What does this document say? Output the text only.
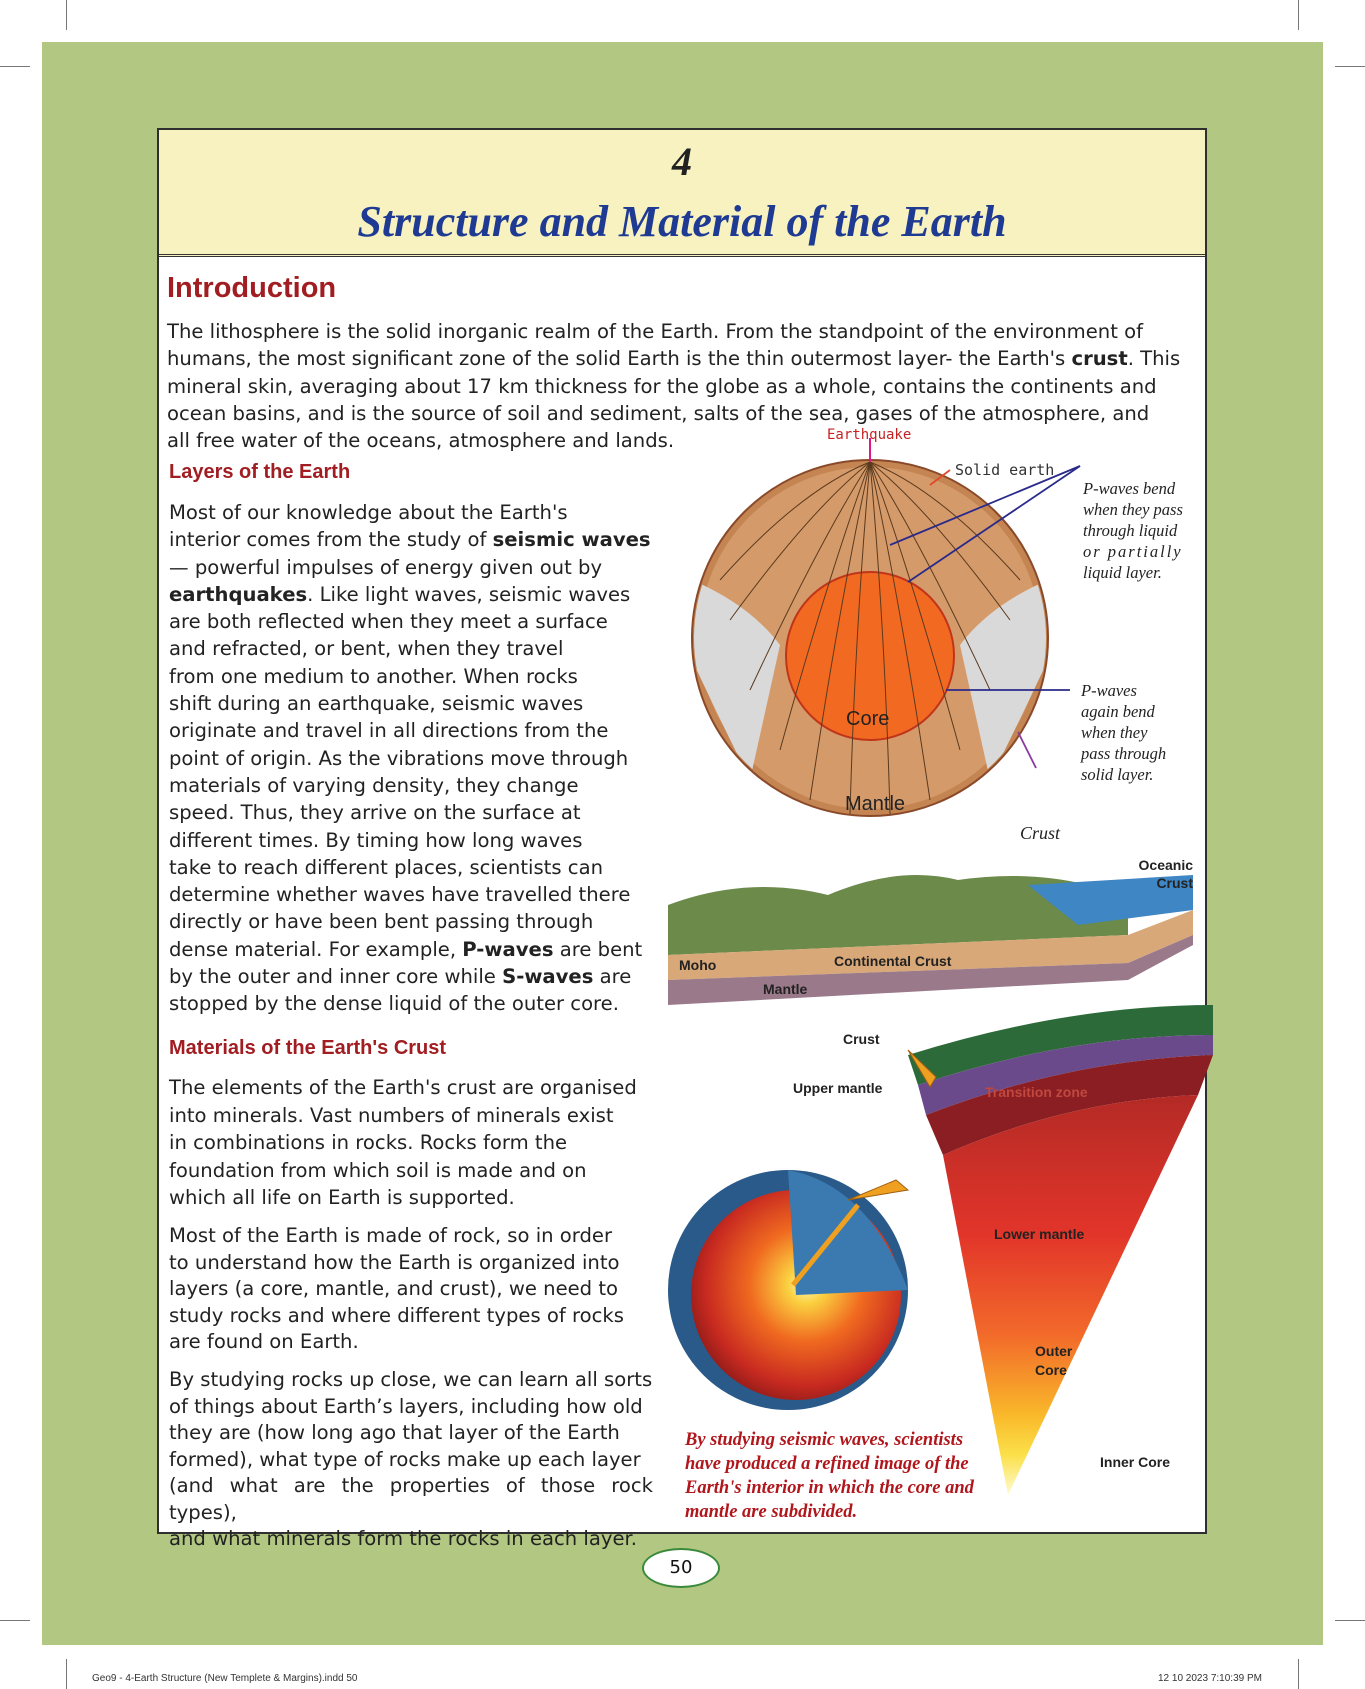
4
Structure and Material of the Earth
Introduction
The lithosphere is the solid inorganic realm of the Earth. From the standpoint of the environment of
humans, the most significant zone of the solid Earth is the thin outermost layer- the Earth's crust. This
mineral skin, averaging about 17 km thickness for the globe as a whole, contains the continents and
ocean basins, and is the source of soil and sediment, salts of the sea, gases of the atmosphere, and
all free water of the oceans, atmosphere and lands.
Layers of the Earth
Most of our knowledge about the Earth's
interior comes from the study of seismic waves
— powerful impulses of energy given out by
earthquakes. Like light waves, seismic waves
are both reflected when they meet a surface
and refracted, or bent, when they travel
from one medium to another. When rocks
shift during an earthquake, seismic waves
originate and travel in all directions from the
point of origin. As the vibrations move through
materials of varying density, they change
speed. Thus, they arrive on the surface at
different times. By timing how long waves
take to reach different places, scientists can
determine whether waves have travelled there
directly or have been bent passing through
dense material. For example, P-waves are bent
by the outer and inner core while S-waves are
stopped by the dense liquid of the outer core.
Materials of the Earth's Crust
The elements of the Earth's crust are organised
into minerals. Vast numbers of minerals exist
in combinations in rocks. Rocks form the
foundation from which soil is made and on
which all life on Earth is supported.
Most of the Earth is made of rock, so in order
to understand how the Earth is organized into
layers (a core, mantle, and crust), we need to
study rocks and where different types of rocks
are found on Earth.
By studying rocks up close, we can learn all sorts
of things about Earth’s layers, including how old
they are (how long ago that layer of the Earth
formed), what type of rocks make up each layer
(and what are the properties of those rock types),
and what minerals form the rocks in each layer.
Earthquake
Solid earth
P-waves bend
when they pass
through liquid
or partially
liquid layer.
P-waves
again bend
when they
pass through
solid layer.
Core
Mantle
Crust
Oceanic
Crust
Moho	Continental Crust
Mantle
Crust
Upper mantle	Transition zone
Lower mantle
Outer
Core
Inner Core
By studying seismic waves, scientists
have produced a refined image of the
Earth's interior in which the core and
mantle are subdivided.
50
Geo9 - 4-Earth Structure (New Templete & Margins).indd 50	12 10 2023 7:10:39 PM
